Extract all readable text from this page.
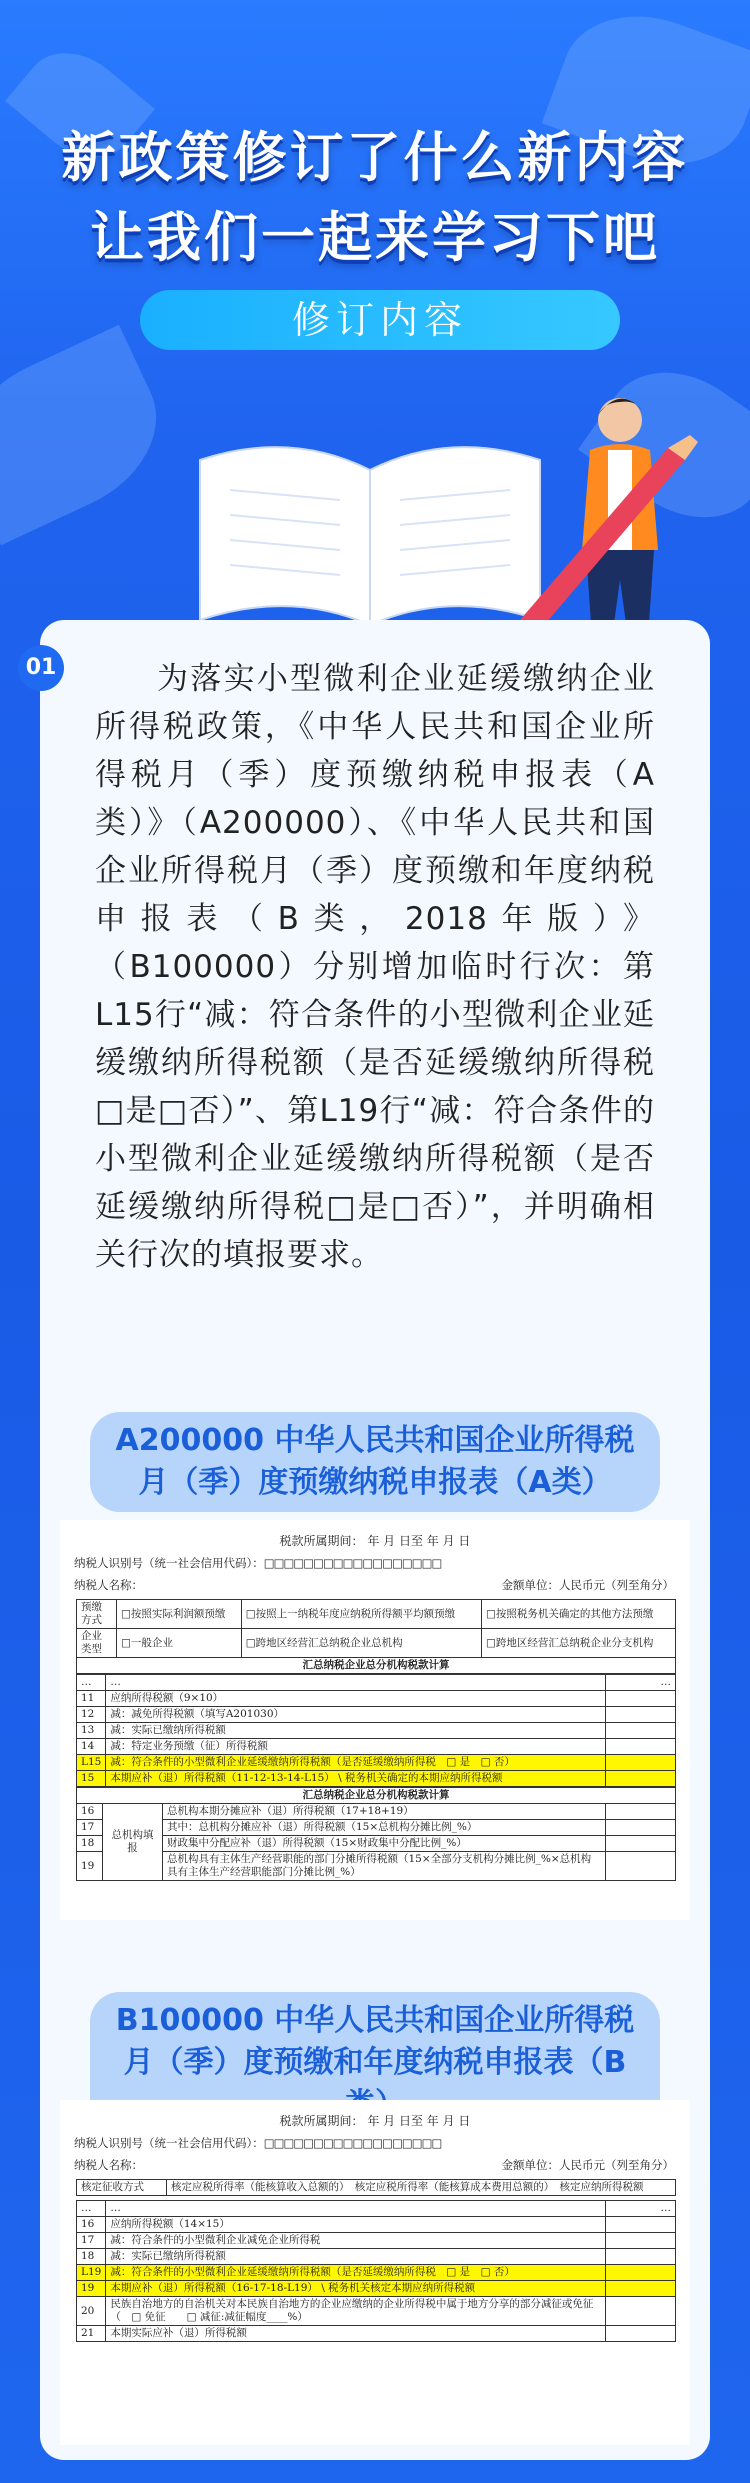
新政策修订了什么新内容
让我们一起来学习下吧
修订内容
01	为落实小型微利企业延缓缴纳企业所得税政策，《中华人民共和国企业所得税月（季）度预缴纳税申报表（A类）》（A200000）、《中华人民共和国企业所得税月（季）度预缴和年度纳税申报表（B类，2018年版）》（B100000）分别增加临时行次：第L15行“减：符合条件的小型微利企业延缓缴纳所得税额（是否延缓缴纳所得税□是□否）”、第L19行“减：符合条件的小型微利企业延缓缴纳所得税额（是否延缓缴纳所得税□是□否）”，并明确相关行次的填报要求。
A200000 中华人民共和国企业所得税月（季）度预缴纳税申报表（A类）
税款所属期间： 年 月 日至 年 月 日
纳税人识别号（统一社会信用代码）：□□□□□□□□□□□□□□□□□□
纳税人名称：	金额单位：人民币元（列至角分）
预缴方式	□按照实际利润额预缴	□按照上一纳税年度应纳税所得额平均额预缴	□按照税务机关确定的其他方法预缴
企业类型	□一般企业	□跨地区经营汇总纳税企业总机构	□跨地区经营汇总纳税企业分支机构
汇总纳税企业总分机构税款计算			
…	…	…
11	应纳所得税额（9×10）	
12	减：减免所得税额（填写A201030）	
13	减：实际已缴纳所得税额	
14	减：特定业务预缴（征）所得税额	
L15	减：符合条件的小型微利企业延缓缴纳所得税额（是否延缓缴纳所得税　□ 是　□ 否）	
15	本期应补（退）所得税额（11-12-13-14-L15） \ 税务机关确定的本期应纳所得税额	
汇总纳税企业总分机构税款计算			
16	总机构填报	总机构本期分摊应补（退）所得税额（17+18+19）	
17		其中：总机构分摊应补（退）所得税额（15×总机构分摊比例_%）	
18		财政集中分配应补（退）所得税额（15×财政集中分配比例_%）	
19		总机构具有主体生产经营职能的部门分摊所得税额（15×全部分支机构分摊比例_%×总机构具有主体生产经营职能部门分摊比例_%）	
B100000 中华人民共和国企业所得税月（季）度预缴和年度纳税申报表（B
税款所属期间： 年 月 日至 年 月 日
纳税人识别号（统一社会信用代码）：□□□□□□□□□□□□□□□□□□
纳税人名称：	金额单位：人民币元（列至角分）
核定征收方式	核定应税所得率（能核算收入总额的）　核定应税所得率（能核算成本费用总额的）　核定应纳所得税额
…	…	…
16	应纳所得税额（14×15）	
17	减：符合条件的小型微利企业减免企业所得税	
18	减：实际已缴纳所得税额	
L19	减：符合条件的小型微利企业延缓缴纳所得税额（是否延缓缴纳所得税　□ 是　□ 否）	
19	本期应补（退）所得税额（16-17-18-L19） \ 税务机关核定本期应纳所得税额	
20	民族自治地方的自治机关对本民族自治地方的企业应缴纳的企业所得税中属于地方分享的部分减征或免征（　□ 免征　　□ 减征:减征幅度____%）	
21	本期实际应补（退）所得税额	
